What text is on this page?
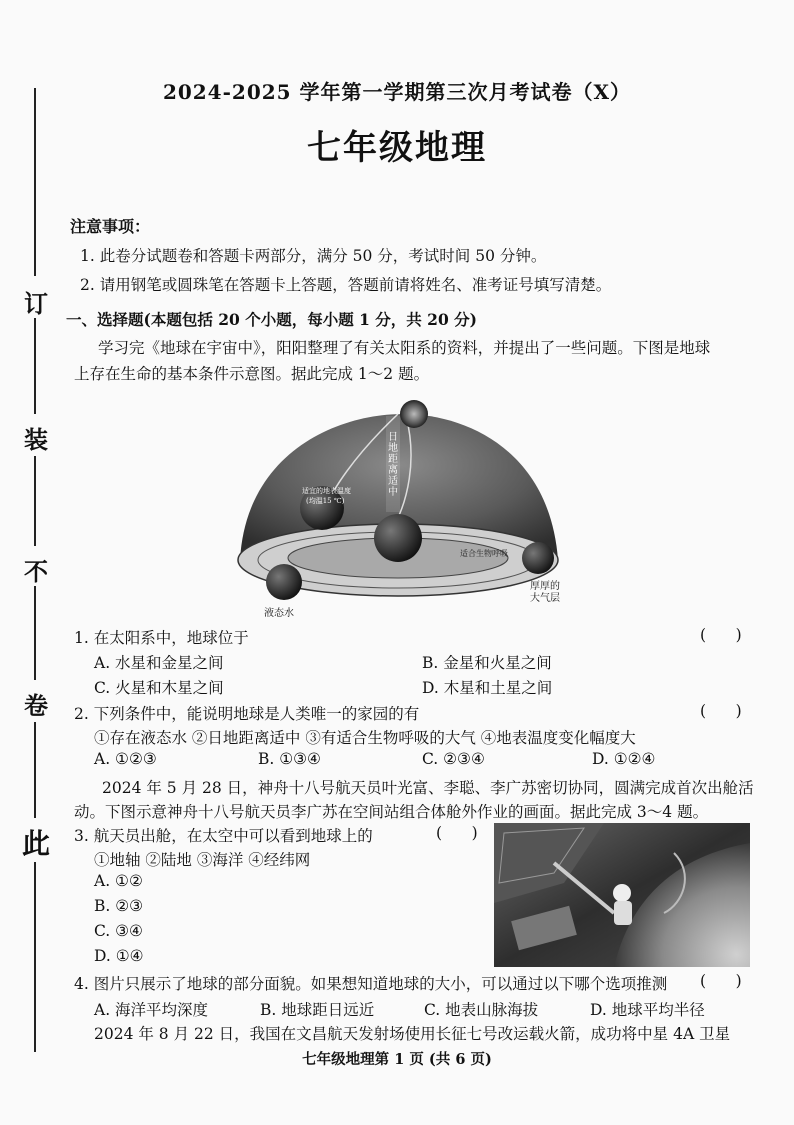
订
装
不
卷
此
2024-2025 学年第一学期第三次月考试卷（X）
七年级地理
注意事项：
1. 此卷分试题卷和答题卡两部分，满分 50 分，考试时间 50 分钟。
2. 请用钢笔或圆珠笔在答题卡上答题，答题前请将姓名、准考证号填写清楚。
一、选择题(本题包括 20 个小题，每小题 1 分，共 20 分)
学习完《地球在宇宙中》，阳阳整理了有关太阳系的资料，并提出了一些问题。下图是地球
上存在生命的基本条件示意图。据此完成 1～2 题。
日地距离适中
适宜的地表温度
(均温15 ℃)
适合生物呼吸
厚厚的
大气层
液态水
1. 在太阳系中，地球位于	(      )
A. 水星和金星之间	B. 金星和火星之间
C. 火星和木星之间	D. 木星和土星之间
2. 下列条件中，能说明地球是人类唯一的家园的有	(      )
①存在液态水 ②日地距离适中 ③有适合生物呼吸的大气 ④地表温度变化幅度大
A. ①②③	B. ①③④	C. ②③④	D. ①②④
2024 年 5 月 28 日，神舟十八号航天员叶光富、李聪、李广苏密切协同，圆满完成首次出舱活
动。下图示意神舟十八号航天员李广苏在空间站组合体舱外作业的画面。据此完成 3～4 题。
3. 航天员出舱，在太空中可以看到地球上的	(      )
①地轴 ②陆地 ③海洋 ④经纬网
A. ①②
B. ②③
C. ③④
D. ①④
4. 图片只展示了地球的部分面貌。如果想知道地球的大小，可以通过以下哪个选项推测 (      )
A. 海洋平均深度	B. 地球距日远近	C. 地表山脉海拔	D. 地球平均半径
2024 年 8 月 22 日，我国在文昌航天发射场使用长征七号改运载火箭，成功将中星 4A 卫星
七年级地理第 1 页 (共 6 页)
